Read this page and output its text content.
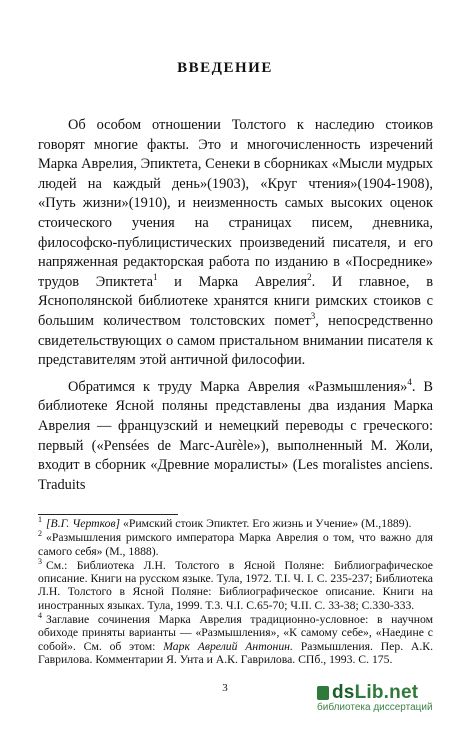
ВВЕДЕНИЕ

Об особом отношении Толстого к наследию стоиков говорят многие факты. Это и многочисленность изречений Марка Аврелия, Эпиктета, Сенеки в сборниках «Мысли мудрых людей на каждый день»(1903), «Круг чтения»(1904-1908), «Путь жизни»(1910), и неизменность самых высоких оценок стоического учения на страницах писем, дневника, философско-публицистических произведений писателя, и его напряженная редакторская работа по изданию в «Посреднике» трудов Эпиктета$^1$ и Марка Аврелия$^2$. И главное, в Яснополянской библиотеке хранятся книги римских стоиков с большим количеством толстовских помет$^3$, непосредственно свидетельствующих о самом пристальном внимании писателя к представителям этой античной философии.

Обратимся к труду Марка Аврелия «Размышления»$^4$. В библиотеке Ясной поляны представлены два издания Марка Аврелия — французский и немецкий переводы с греческого: первый («Pensées de Marc-Aurèle»), выполненный М. Жоли, входит в сборник «Древние моралисты» (Les moralistes anciens. Traduits

$^1$ [В.Г. Чертков] «Римский стоик Эпиктет. Его жизнь и Учение» (М.,1889).
$^2$ «Размышления римского императора Марка Аврелия о том, что важно для самого себя» (М., 1888).
$^3$ См.: Библиотека Л.Н. Толстого в Ясной Поляне: Библиографическое описание. Книги на русском языке. Тула, 1972. Т.I. Ч. I. С. 235-237; Библиотека Л.Н. Толстого в Ясной Поляне: Библиографическое описание. Книги на иностранных языках. Тула, 1999. Т.3. Ч.I. С.65-70; Ч.II. С. 33-38; С.330-333.
$^4$ Заглавие сочинения Марка Аврелия традиционно-условное: в научном обиходе приняты варианты — «Размышления», «К самому себе», «Наедине с собой». См. об этом: Марк Аврелий Антонин. Размышления. Пер. А.К. Гаврилова. Комментарии Я. Унта и А.К. Гаврилова. СПб., 1993. С. 175.
3	dsLib.net
библиотека диссертаций
